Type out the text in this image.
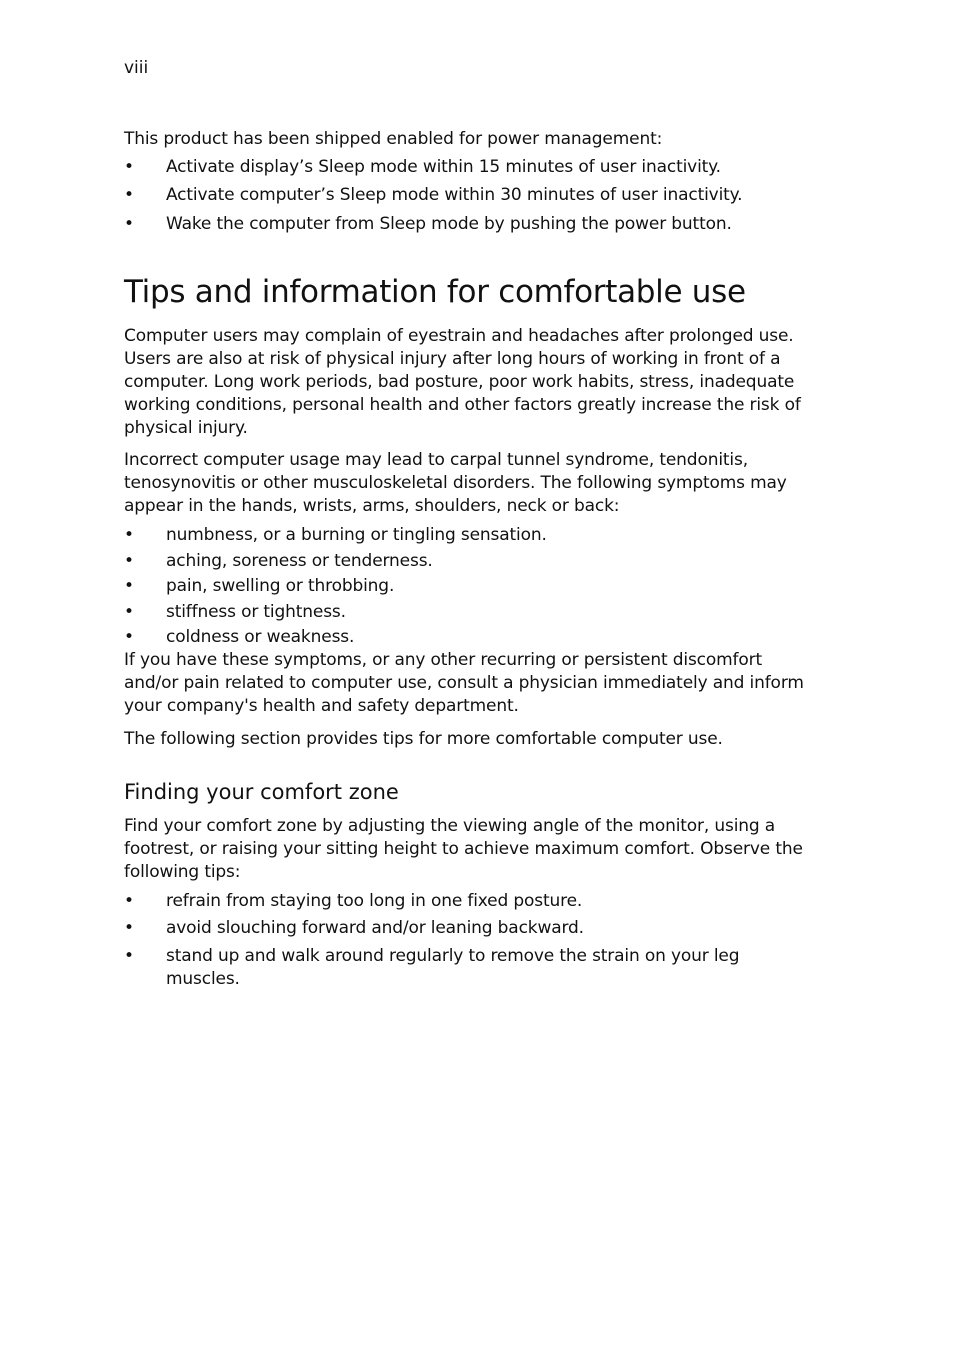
viii

This product has been shipped enabled for power management:

• Activate display’s Sleep mode within 15 minutes of user inactivity.
• Activate computer’s Sleep mode within 30 minutes of user inactivity.
• Wake the computer from Sleep mode by pushing the power button.
Tips and information for comfortable use

Computer users may complain of eyestrain and headaches after prolonged use. Users are also at risk of physical injury after long hours of working in front of a computer. Long work periods, bad posture, poor work habits, stress, inadequate working conditions, personal health and other factors greatly increase the risk of physical injury.

Incorrect computer usage may lead to carpal tunnel syndrome, tendonitis, tenosynovitis or other musculoskeletal disorders. The following symptoms may appear in the hands, wrists, arms, shoulders, neck or back:

• numbness, or a burning or tingling sensation.
• aching, soreness or tenderness.
• pain, swelling or throbbing.
• stiffness or tightness.
• coldness or weakness.

If you have these symptoms, or any other recurring or persistent discomfort and/or pain related to computer use, consult a physician immediately and inform your company's health and safety department.

The following section provides tips for more comfortable computer use.

Finding your comfort zone

Find your comfort zone by adjusting the viewing angle of the monitor, using a footrest, or raising your sitting height to achieve maximum comfort. Observe the following tips:

• refrain from staying too long in one fixed posture.
• avoid slouching forward and/or leaning backward.
• stand up and walk around regularly to remove the strain on your leg muscles.
